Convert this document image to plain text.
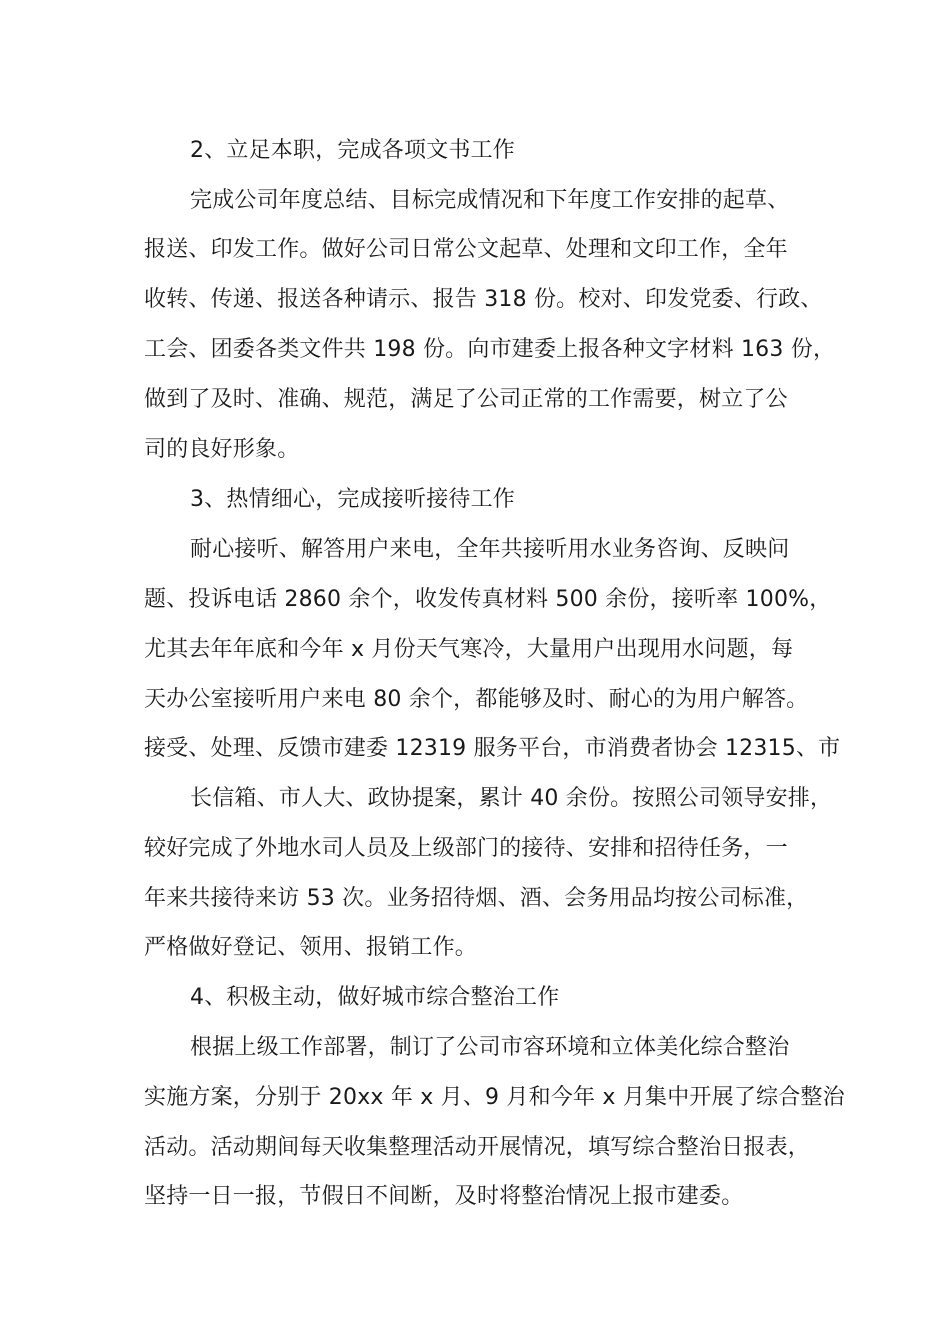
2、立足本职，完成各项文书工作
完成公司年度总结、目标完成情况和下年度工作安排的起草、
报送、印发工作。做好公司日常公文起草、处理和文印工作，全年
收转、传递、报送各种请示、报告 318 份。校对、印发党委、行政、
工会、团委各类文件共 198 份。向市建委上报各种文字材料 163 份，
做到了及时、准确、规范，满足了公司正常的工作需要，树立了公
司的良好形象。
3、热情细心，完成接听接待工作
耐心接听、解答用户来电，全年共接听用水业务咨询、反映问
题、投诉电话 2860 余个，收发传真材料 500 余份，接听率 100%，
尤其去年年底和今年 x 月份天气寒冷，大量用户出现用水问题，每
天办公室接听用户来电 80 余个，都能够及时、耐心的为用户解答。
接受、处理、反馈市建委 12319 服务平台，市消费者协会 12315、市
长信箱、市人大、政协提案，累计 40 余份。按照公司领导安排，
较好完成了外地水司人员及上级部门的接待、安排和招待任务，一
年来共接待来访 53 次。业务招待烟、酒、会务用品均按公司标准，
严格做好登记、领用、报销工作。
4、积极主动，做好城市综合整治工作
根据上级工作部署，制订了公司市容环境和立体美化综合整治
实施方案，分别于 20xx 年 x 月、9 月和今年 x 月集中开展了综合整治
活动。活动期间每天收集整理活动开展情况，填写综合整治日报表，
坚持一日一报，节假日不间断，及时将整治情况上报市建委。
